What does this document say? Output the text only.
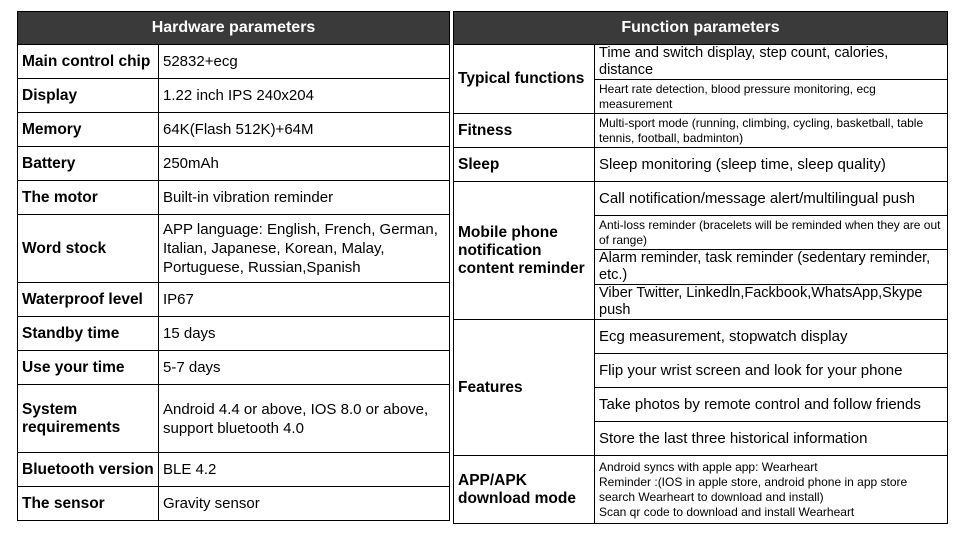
Hardware parameters	
Main control chip	52832+ecg
Display	1.22 inch IPS 240x204
Memory	64K(Flash 512K)+64M
Battery	250mAh
The motor	Built-in vibration reminder
Word stock	APP language: English, French, German, Italian, Japanese, Korean, Malay, Portuguese, Russian,Spanish
Waterproof level	IP67
Standby time	15 days
Use your time	5-7 days
System requirements	Android 4.4 or above, IOS 8.0 or above, support bluetooth 4.0
Bluetooth version	BLE 4.2
The sensor	Gravity sensor
Function parameters	
Typical functions	Time and switch display, step count, calories, distance
	Heart rate detection, blood pressure monitoring, ecg measurement
Fitness	Multi-sport mode (running, climbing, cycling, basketball, table tennis, football, badminton)
Sleep	Sleep monitoring (sleep time, sleep quality)
Mobile phone notification content reminder	Call notification/message alert/multilingual push
	Anti-loss reminder (bracelets will be reminded when they are out of range)
	Alarm reminder, task reminder (sedentary reminder, etc.)
	Viber Twitter, Linkedln,Fackbook,WhatsApp,Skype push
Features	Ecg measurement, stopwatch display
	Flip your wrist screen and look for your phone
	Take photos by remote control and follow friends
	Store the last three historical information
APP/APK download mode	Android syncs with apple app: Wearheart
Reminder :(IOS in apple store, android phone in app store
search Wearheart to download and install)
Scan qr code to download and install Wearheart
